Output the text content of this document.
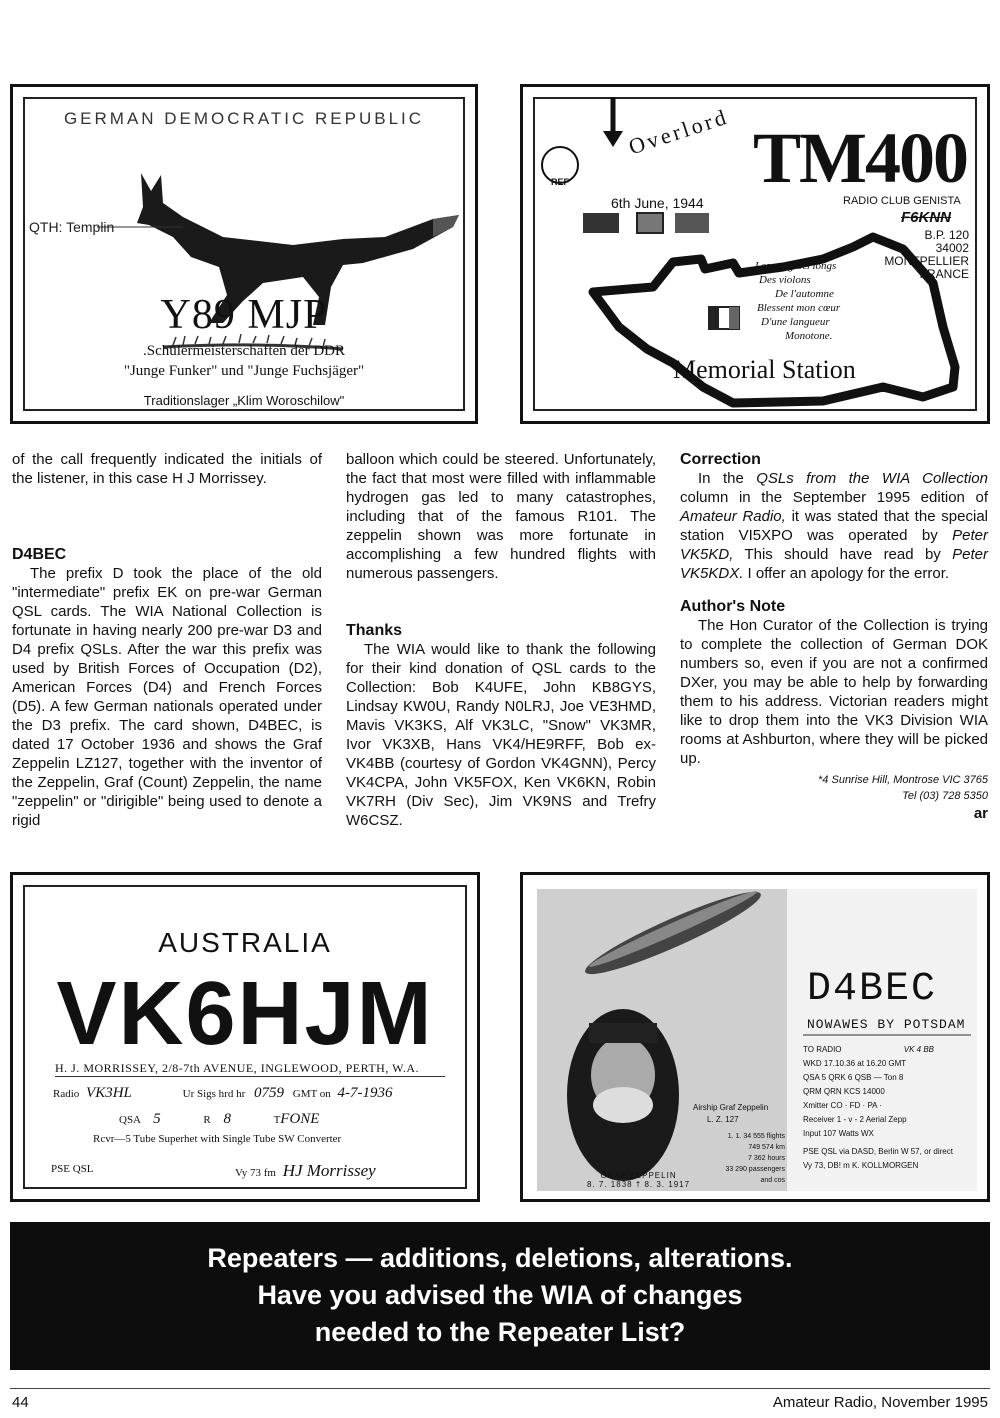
GERMAN DEMOCRATIC REPUBLIC
QTH: Templin
Y89 MJP
.Schülermeisterschaften der DDR
"Junge Funker" und "Junge Fuchsjäger"
Traditionslager „Klim Woroschilow"
REF
Overlord TM400
6th June, 1944	RADIO CLUB GENISTA
F6KNN
B.P. 120
34002
MONTPELLIER
FRANCE
Les sanglots longs
Des violons
De l'automne
Blessent mon cœur
D'une langueur
Monotone.
Memorial Station

of the call frequently indicated the initials of the listener, in this case H J Morrissey.

D4BEC

The prefix D took the place of the old "intermediate" prefix EK on pre-war German QSL cards. The WIA National Collection is fortunate in having nearly 200 pre-war D3 and D4 prefix QSLs. After the war this prefix was used by British Forces of Occupation (D2), American Forces (D4) and French Forces (D5). A few German nationals operated under the D3 prefix. The card shown, D4BEC, is dated 17 October 1936 and shows the Graf Zeppelin LZ127, together with the inventor of the Zeppelin, Graf (Count) Zeppelin, the name "zeppelin" or "dirigible" being used to denote a rigid

balloon which could be steered. Unfortunately, the fact that most were filled with inflammable hydrogen gas led to many catastrophes, including that of the famous R101. The zeppelin shown was more fortunate in accomplishing a few hundred flights with numerous passengers.

Thanks

The WIA would like to thank the following for their kind donation of QSL cards to the Collection: Bob K4UFE, John KB8GYS, Lindsay KW0U, Randy N0LRJ, Joe VE3HMD, Mavis VK3KS, Alf VK3LC, "Snow" VK3MR, Ivor VK3XB, Hans VK4/HE9RFF, Bob ex-VK4BB (courtesy of Gordon VK4GNN), Percy VK4CPA, John VK5FOX, Ken VK6KN, Robin VK7RH (Div Sec), Jim VK9NS and Trefry W6CSZ.

Correction

In the QSLs from the WIA Collection column in the September 1995 edition of Amateur Radio, it was stated that the special station VI5XPO was operated by Peter VK5KD, This should have read by Peter VK5KDX. I offer an apology for the error.

Author's Note

The Hon Curator of the Collection is trying to complete the collection of German DOK numbers so, even if you are not a confirmed DXer, you may be able to help by forwarding them to his address. Victorian readers might like to drop them into the VK3 Division WIA rooms at Ashburton, where they will be picked up.

*4 Sunrise Hill, Montrose VIC 3765
Tel (03) 728 5350
ar
AUSTRALIA
VK6HJM
H. J. MORRISSEY, 2/8-7th AVENUE, INGLEWOOD, PERTH, W.A.
Radio VK3HL	Ur Sigs hrd hr 0759 GMT on 4-7-1936
QSA 5	R 8	TFONE
Rcvr—5 Tube Superhet with Single Tube SW Converter
PSE QSL	Vy 73 fm HJ Morrissey
D4BEC
NOWAWES BY POTSDAM
TO RADIO	VK 4 BB
WKD 17.10.36 at 16.20 GMT
QSA 5 QRK 6 QSB — Ton 8
QRM QRN KCS 14000
Xmitter CO · FD · PA ·
Receiver 1 - v - 2 Aerial Zepp
Input 107 Watts WX
PSE QSL via DASD, Berlin W 57, or direct
Vy 73, DB! m K. KOLLMORGEN
Airship Graf Zeppelin
L. Z. 127
1. 1. 34 555 flights
749 574 km
7 362 hours
33 290 passengers
and cos
GRAF ZEPPELIN
8. 7. 1838 † 8. 3. 1917
Repeaters — additions, deletions, alterations.
Have you advised the WIA of changes
needed to the Repeater List?
44	Amateur Radio, November 1995
